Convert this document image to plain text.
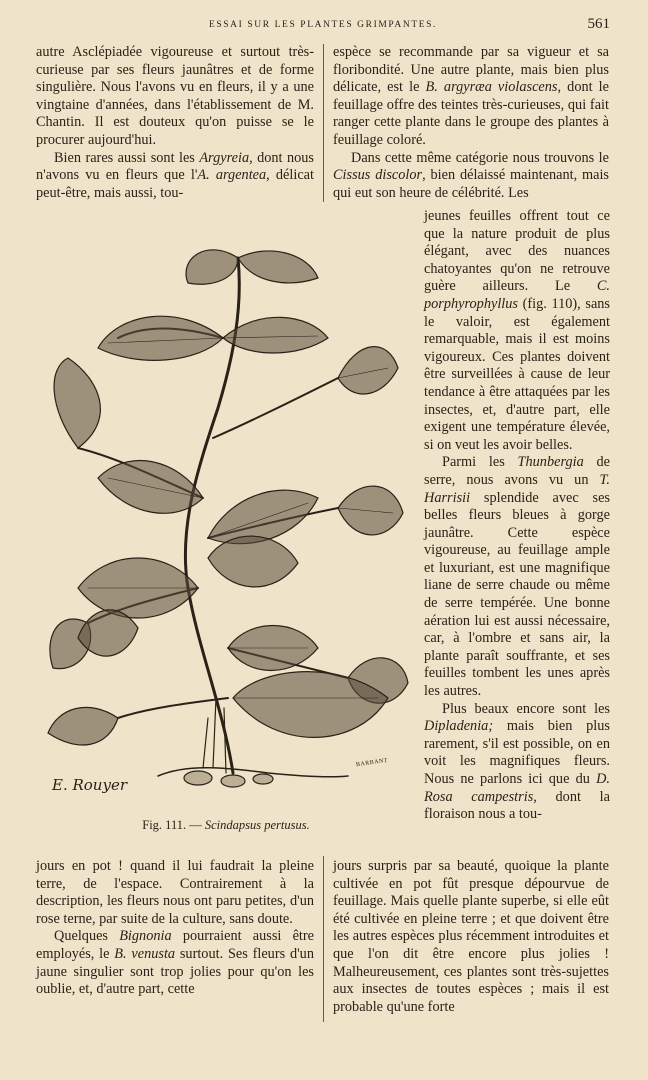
ESSAI SUR LES PLANTES GRIMPANTES.	561

autre Asclépiadée vigoureuse et surtout très-curieuse par ses fleurs jaunâtres et de forme singulière. Nous l'avons vu en fleurs, il y a une vingtaine d'années, dans l'établissement de M. Chantin. Il est douteux qu'on puisse se le procurer aujourd'hui.

Bien rares aussi sont les Argyreia, dont nous n'avons vu en fleurs que l'A. argentea, délicat peut-être, mais aussi, tou-

espèce se recommande par sa vigueur et sa floribondité. Une autre plante, mais bien plus délicate, est le B. argyræa violascens, dont le feuillage offre des teintes très-curieuses, qui fait ranger cette plante dans le groupe des plantes à feuillage coloré.

Dans cette même catégorie nous trouvons le Cissus discolor, bien délaissé maintenant, mais qui eut son heure de célébrité. Les

jeunes feuilles offrent tout ce que la nature produit de plus élégant, avec des nuances chatoyantes qu'on ne retrouve guère ailleurs. Le C. porphyrophyllus (fig. 110), sans le valoir, est également remarquable, mais il est moins vigoureux. Ces plantes doivent être surveillées à cause de leur tendance à être attaquées par les insectes, et, d'autre part, elle exigent une température élevée, si on veut les avoir belles.

Parmi les Thunbergia de serre, nous avons vu un T. Harrisii splendide avec ses belles fleurs bleues à gorge jaunâtre. Cette espèce vigoureuse, au feuillage ample et luxuriant, est une magnifique liane de serre chaude ou même de serre tempérée. Une bonne aération lui est aussi nécessaire, car, à l'ombre et sans air, la plante paraît souffrante, et ses feuilles tombent les unes après les autres.

Plus beaux encore sont les Dipladenia; mais bien plus rarement, s'il est possible, on en voit les magnifiques fleurs. Nous ne parlons ici que du D. Rosa campestris, dont la floraison nous a tou-

E. Rouyer
BARBANT
Fig. 111. — Scindapsus pertusus.

jours en pot ! quand il lui faudrait la pleine terre, de l'espace. Contrairement à la description, les fleurs nous ont paru petites, d'un rose terne, par suite de la culture, sans doute.

Quelques Bignonia pourraient aussi être employés, le B. venusta surtout. Ses fleurs d'un jaune singulier sont trop jolies pour qu'on les oublie, et, d'autre part, cette

jours surpris par sa beauté, quoique la plante cultivée en pot fût presque dépourvue de feuillage. Mais quelle plante superbe, si elle eût été cultivée en pleine terre ; et que doivent être les autres espèces plus récemment introduites et que l'on dit être encore plus jolies ! Malheureusement, ces plantes sont très-sujettes aux insectes de toutes espèces ; mais il est probable qu'une forte
